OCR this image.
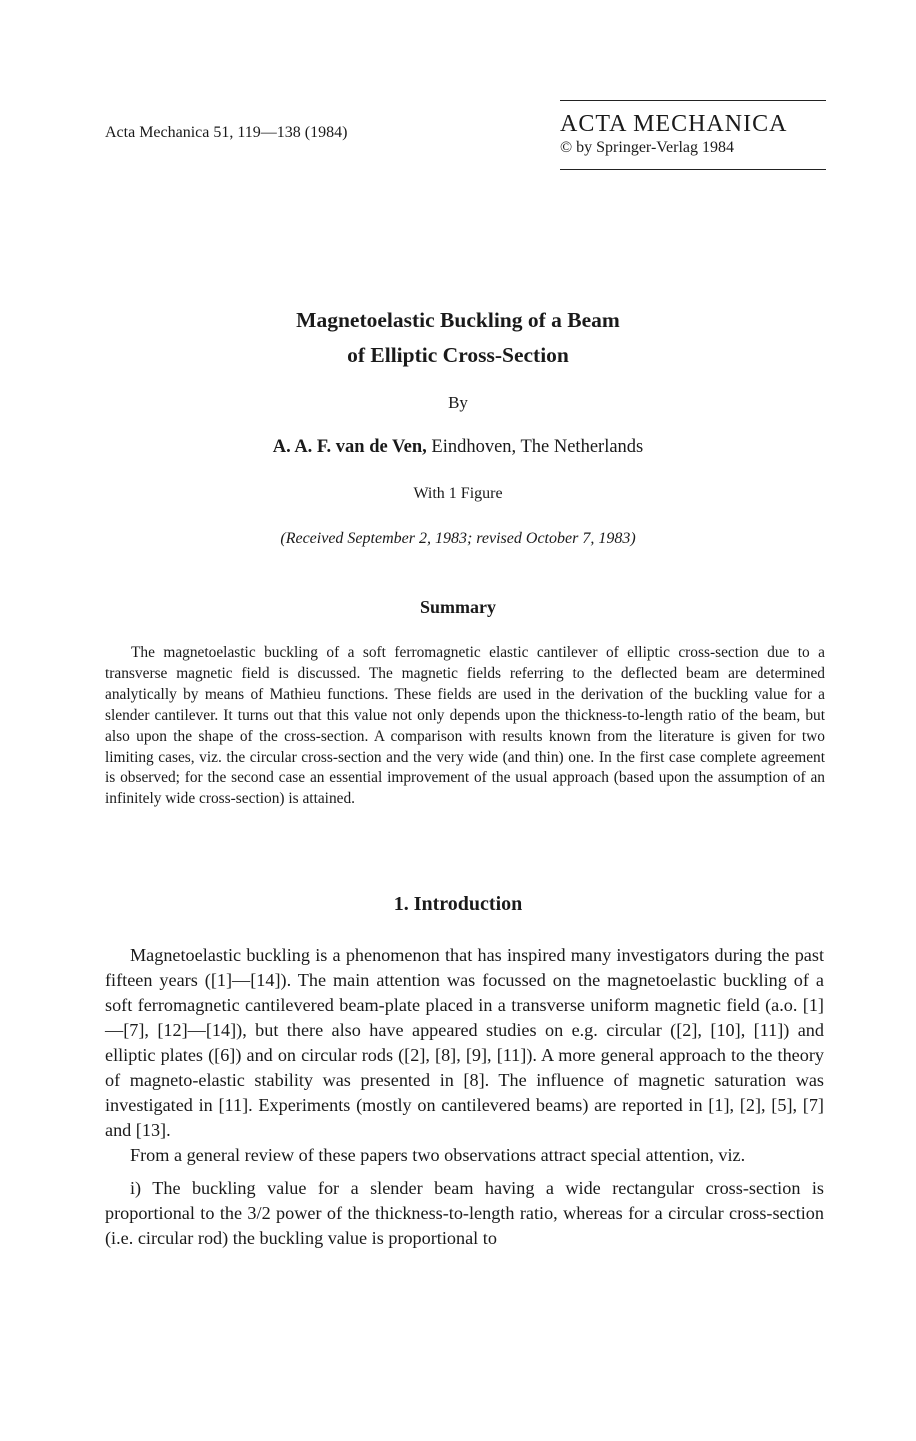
Acta Mechanica 51, 119—138 (1984)	ACTA MECHANICA
© by Springer-Verlag 1984
Magnetoelastic Buckling of a Beam
of Elliptic Cross-Section
By
A. A. F. van de Ven, Eindhoven, The Netherlands
With 1 Figure
(Received September 2, 1983; revised October 7, 1983)
Summary
The magnetoelastic buckling of a soft ferromagnetic elastic cantilever of elliptic cross-section due to a transverse magnetic field is discussed. The magnetic fields referring to the deflected beam are determined analytically by means of Mathieu functions. These fields are used in the derivation of the buckling value for a slender cantilever. It turns out that this value not only depends upon the thickness-to-length ratio of the beam, but also upon the shape of the cross-section. A comparison with results known from the literature is given for two limiting cases, viz. the circular cross-section and the very wide (and thin) one. In the first case complete agreement is observed; for the second case an essential improvement of the usual approach (based upon the assumption of an infinitely wide cross-section) is attained.
1. Introduction

Magnetoelastic buckling is a phenomenon that has inspired many investigators during the past fifteen years ([1]—[14]). The main attention was focussed on the magnetoelastic buckling of a soft ferromagnetic cantilevered beam-plate placed in a transverse uniform magnetic field (a.o. [1]—[7], [12]—[14]), but there also have appeared studies on e.g. circular ([2], [10], [11]) and elliptic plates ([6]) and on circular rods ([2], [8], [9], [11]). A more general approach to the theory of magneto-elastic stability was presented in [8]. The influence of magnetic saturation was investigated in [11]. Experiments (mostly on cantilevered beams) are reported in [1], [2], [5], [7] and [13].

From a general review of these papers two observations attract special attention, viz.

i) The buckling value for a slender beam having a wide rectangular cross-section is proportional to the 3/2 power of the thickness-to-length ratio, whereas for a circular cross-section (i.e. circular rod) the buckling value is proportional to
